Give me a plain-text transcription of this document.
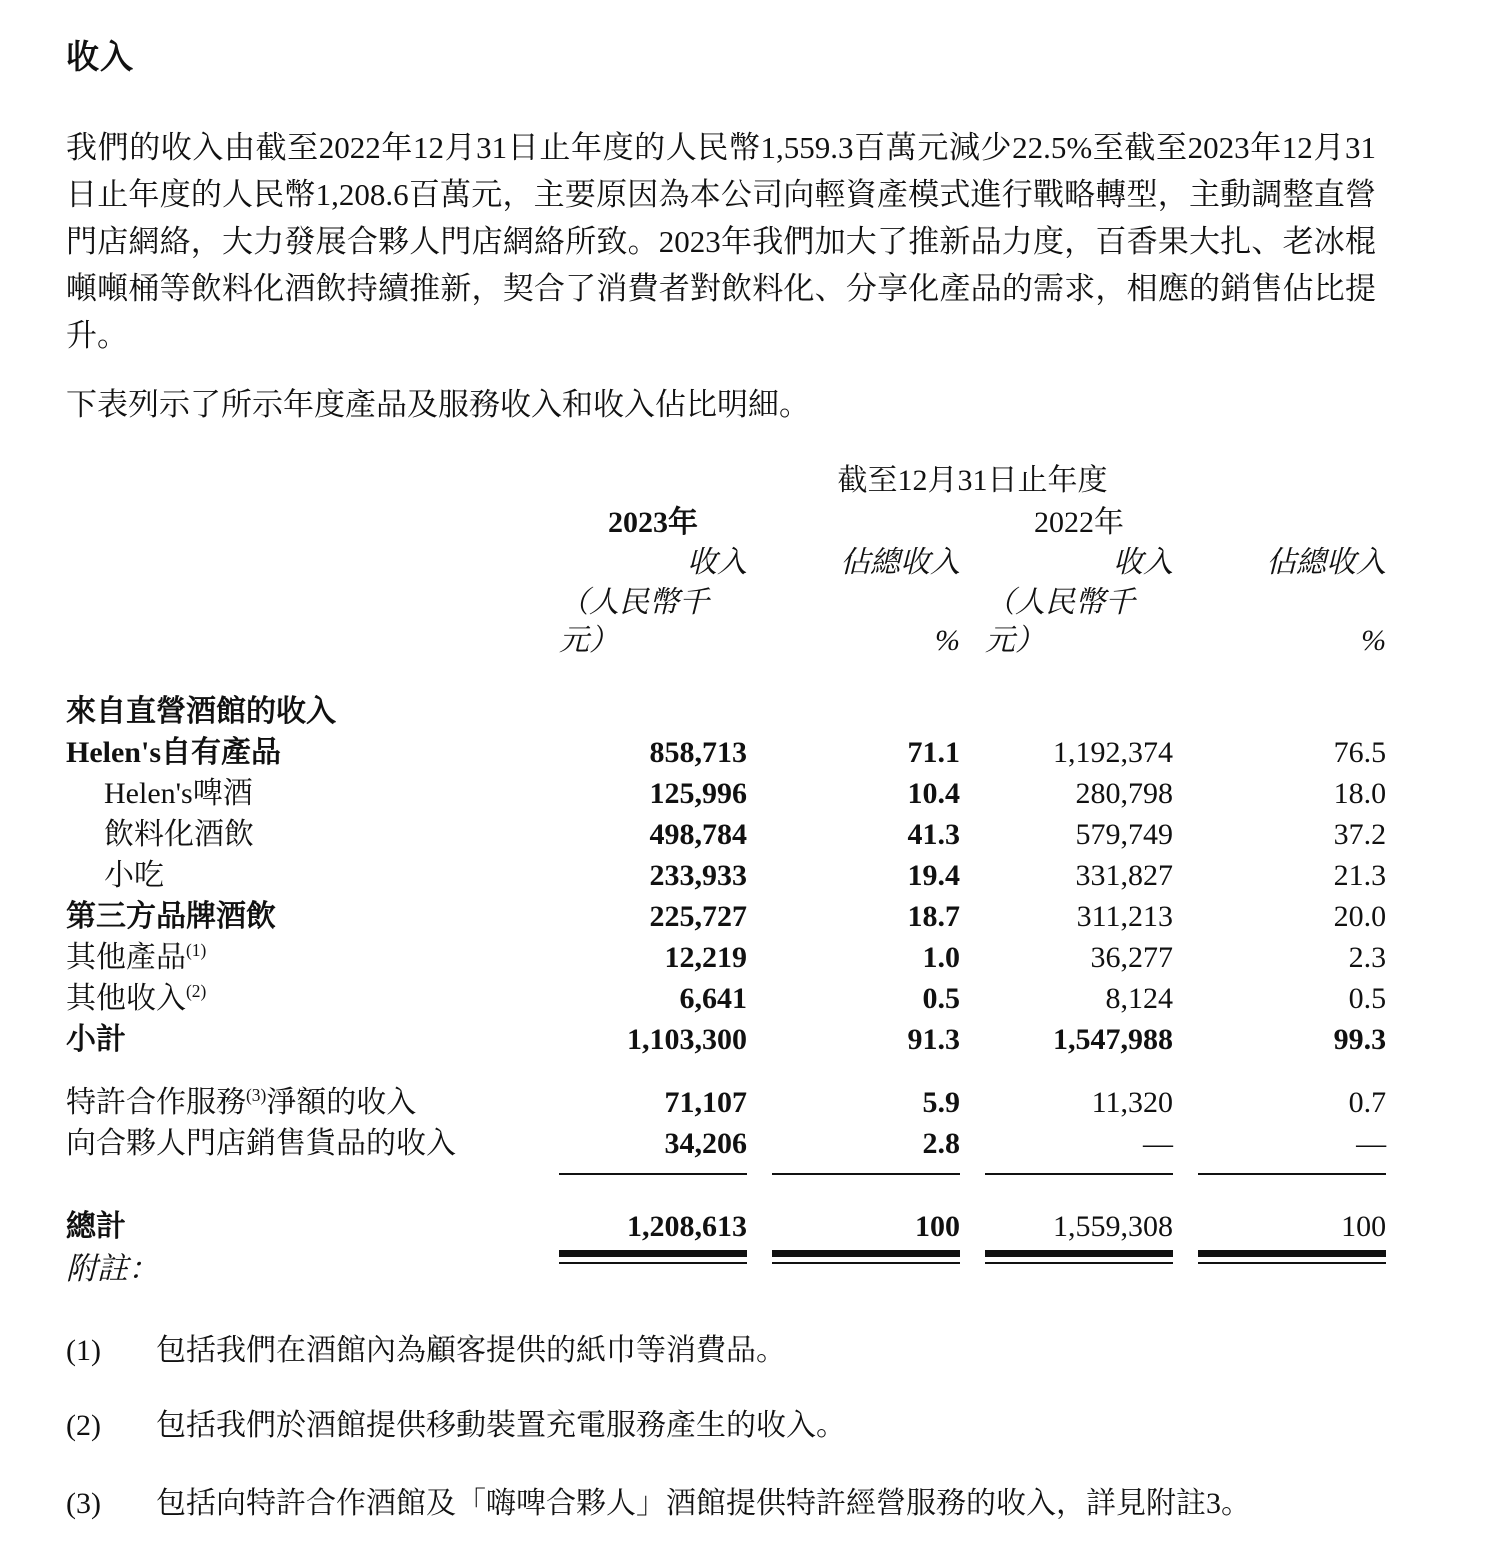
收入
我們的收入由截至2022年12月31日止年度的人民幣1,559.3百萬元減少22.5%至截至2023年12月31日止年度的人民幣1,208.6百萬元，主要原因為本公司向輕資產模式進行戰略轉型，主動調整直營門店網絡，大力發展合夥人門店網絡所致。2023年我們加大了推新品力度，百香果大扎、老冰棍噸噸桶等飲料化酒飲持續推新，契合了消費者對飲料化、分享化產品的需求，相應的銷售佔比提升。
下表列示了所示年度產品及服務收入和收入佔比明細。
		截至12月31日止年度						
		2023年				2022年		
		收入		佔總收入		收入		佔總收入
		（人民幣千元）		%		（人民幣千元）		%

來自直營酒館的收入								
Helen's自有產品		858,713		71.1		1,192,374		76.5
Helen's啤酒		125,996		10.4		280,798		18.0
飲料化酒飲		498,784		41.3		579,749		37.2
小吃		233,933		19.4		331,827		21.3
第三方品牌酒飲		225,727		18.7		311,213		20.0
其他產品$^{(1)}$		12,219		1.0		36,277		2.3
其他收入$^{(2)}$		6,641		0.5		8,124		0.5
小計		1,103,300		91.3		1,547,988		99.3

特許合作服務$^{(3)}$淨額的收入		71,107		5.9		11,320		0.7
向合夥人門店銷售貨品的收入		34,206		2.8		—		—

總計		1,208,613		100		1,559,308		100

附註：
(1)	包括我們在酒館內為顧客提供的紙巾等消費品。
(2)	包括我們於酒館提供移動裝置充電服務產生的收入。
(3)	包括向特許合作酒館及「嗨啤合夥人」酒館提供特許經營服務的收入，詳見附註3。
